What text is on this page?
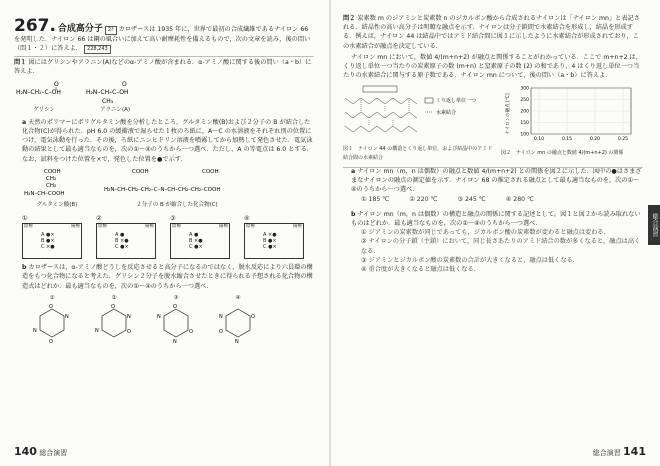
267. 合成高分子 2ﾁ カロザースは 1935 年に，世界で最初の合成繊維であるナイロン 66 を発明した．ナイロン 66 は鋼の風合いに加えて高い耐摩耗性を備えるもので，次の文章を読み，後の問い（問１・２）に答えよ． 228,243
問１ 図にはグリシンやアラニン(A)などのα-アミノ酸が含まれる．α-アミノ酸に関する後の問い（a・b）に答えよ．
H₂N–CH₂–C–OH
O
グリシン
H₂N–CH–C–OH
O
CH₃
アラニン(A)
a 天然のポリマーにポリグルタミン酸を分析したところ，グルタミン酸(B)および２分子の B が結合した化合物(C)が得られた．pH 6.0 の緩衝液で湿らせた１枚のろ紙に，A〜C の水溶液をそれぞれ別の位置につけ，電気泳動を行った．その後，ろ紙にニンヒドリン溶液を噴霧してから加熱して発色させた．電気泳動の結果として最も適当なものを，次の①〜④のうちから一つ選べ．ただし，A の等電点は 6.0 とする．なお，試料をつけた位置を×で，発色した位置を●で示す．
COOH
CH₂
CH₂
H₂N–CH–COOH
グルタミン酸(B)
COOH	COOH
H₂N–CH–CH₂–CH₂–C–N–CH–CH₂–CH₂–COOH
２分子の B が縮合した化合物(C)
①
陰極	陽極
A ●×
B ●×
C ×●
②
陰極	陽極
A ●
B ×●
C ●×
③
陰極	陽極
A ●
B ×●
C ●×
④
陰極	陽極
A ×●
B ●×
C ●×
b カロザースは，α-アミノ酸どうしを反応させると高分子になるのではなく，脱水反応により六員環の構造をもつ化合物になると考えた．グリシン２分子を脱水縮合させたときに得られる予想される化合物の構造式はどれか．最も適当なものを，次の①〜④のうちから一つ選べ．
①
O
O
N
N
②
O
N
O
N
③
O
N
N
O
④
O
N
N
O
140 総合演習
問２ 炭素数 m のジアミンと炭素数 n のジカルボン酸から合成されるナイロンは「ナイロン mn」と表記される．結晶性の高い高分子は明瞭な融点を示す．ナイロンは分子鎖間で水素結合を形成し，結晶を形成する．例えば，ナイロン 44 は結晶中ではアミド結合間に図１に示したように水素結合が形成されており，この水素結合が融点を決定している．
ナイロン mn において，数値 4/(m+n+2) が融点と関係することがわかっている．ここで m+n+2 は，くり返し単位一つ当たりの炭素原子の数 (m+n) と窒素原子の数 (2) の和であり，4 はくり返し単位一つ当たりの水素結合に関与する原子数である．ナイロン mn について，後の問い（a・b）に答えよ．
くり返し単位一つ
水素結合
図１　ナイロン 44 の構造とくり返し単位，および結晶中のアミド結合間の水素結合
300
250
200
150
100
0.10	0.15	0.20	0.25
ナイロンの融点 [℃]
図２　ナイロン mn の融点と数値 4/(m+n+2) の関係
a ナイロン mn（m，n は偶数）の融点と数値 4/(m+n+2) との関係を図２に示した．図中の●はさまざまなナイロンの融点の測定値を示す．ナイロン 68 の推定される融点として最も適当なものを，次の①〜④のうちから一つ選べ．
① 185 ℃	② 220 ℃	③ 245 ℃	④ 280 ℃
b ナイロン mn（m，n は偶数）の構造と融点の関係に関する記述として，図１と図２から読み取れないものはどれか．最も適当なものを，次の①〜④のうちから一つ選べ．
① ジアミンの炭素数が同じであっても，ジカルボン酸の炭素数が変わると融点は変わる．
② ナイロンの分子鎖（主鎖）において，同じ長さあたりのアミド結合の数が多くなると，融点は高くなる．
③ ジアミンとジカルボン酸の炭素数の合計が大きくなると，融点は低くなる．
④ 重合度が大きくなると融点は低くなる．
総合演習
総合演習 141
